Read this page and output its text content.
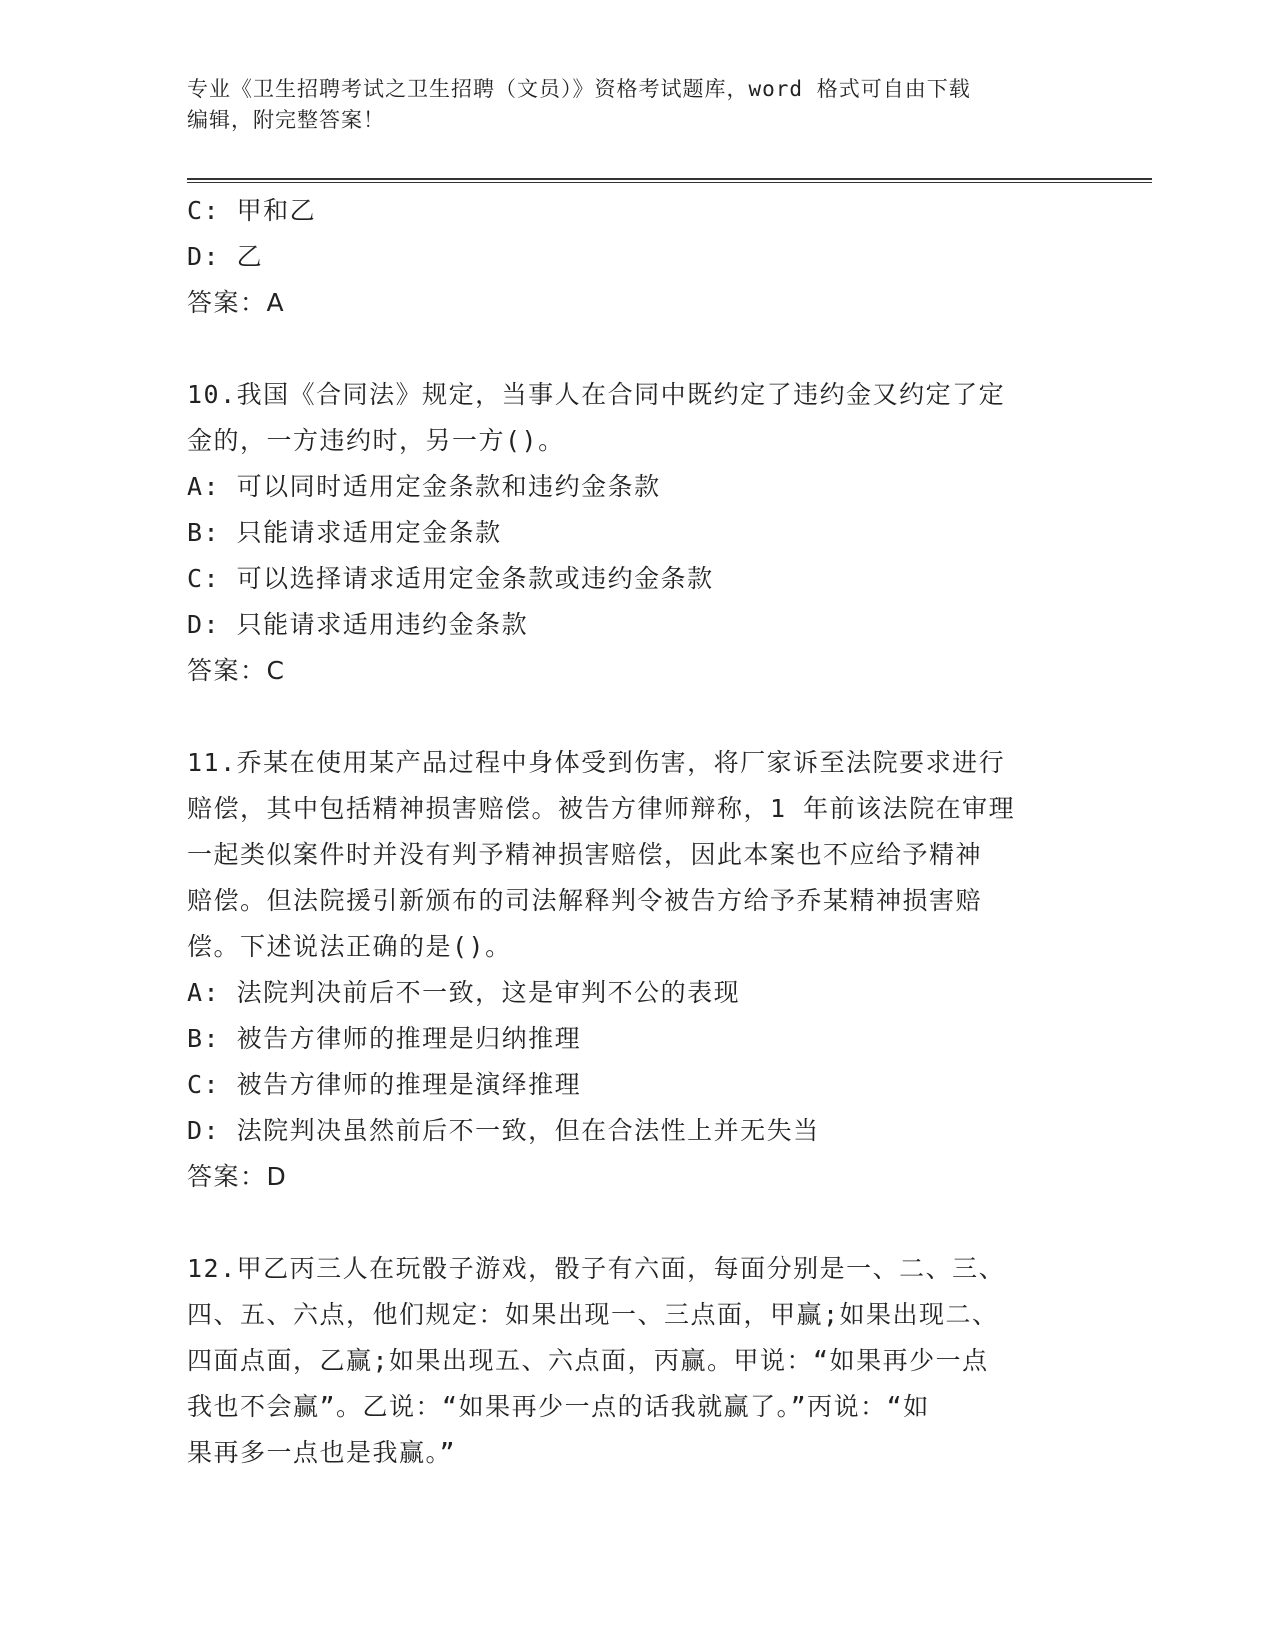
专业《卫生招聘考试之卫生招聘（文员）》资格考试题库，word 格式可自由下载
编辑，附完整答案！
C: 甲和乙
D: 乙
答案：A
10.我国《合同法》规定，当事人在合同中既约定了违约金又约定了定
金的，一方违约时，另一方()。
A: 可以同时适用定金条款和违约金条款
B: 只能请求适用定金条款
C: 可以选择请求适用定金条款或违约金条款
D: 只能请求适用违约金条款
答案：C
11.乔某在使用某产品过程中身体受到伤害，将厂家诉至法院要求进行
赔偿，其中包括精神损害赔偿。被告方律师辩称，1 年前该法院在审理
一起类似案件时并没有判予精神损害赔偿，因此本案也不应给予精神
赔偿。但法院援引新颁布的司法解释判令被告方给予乔某精神损害赔
偿。下述说法正确的是()。
A: 法院判决前后不一致，这是审判不公的表现
B: 被告方律师的推理是归纳推理
C: 被告方律师的推理是演绎推理
D: 法院判决虽然前后不一致，但在合法性上并无失当
答案：D
12.甲乙丙三人在玩骰子游戏，骰子有六面，每面分别是一、二、三、
四、五、六点，他们规定：如果出现一、三点面，甲赢;如果出现二、
四面点面，乙赢;如果出现五、六点面，丙赢。甲说：“如果再少一点
我也不会赢”。乙说：“如果再少一点的话我就赢了。”丙说：“如
果再多一点也是我赢。”
